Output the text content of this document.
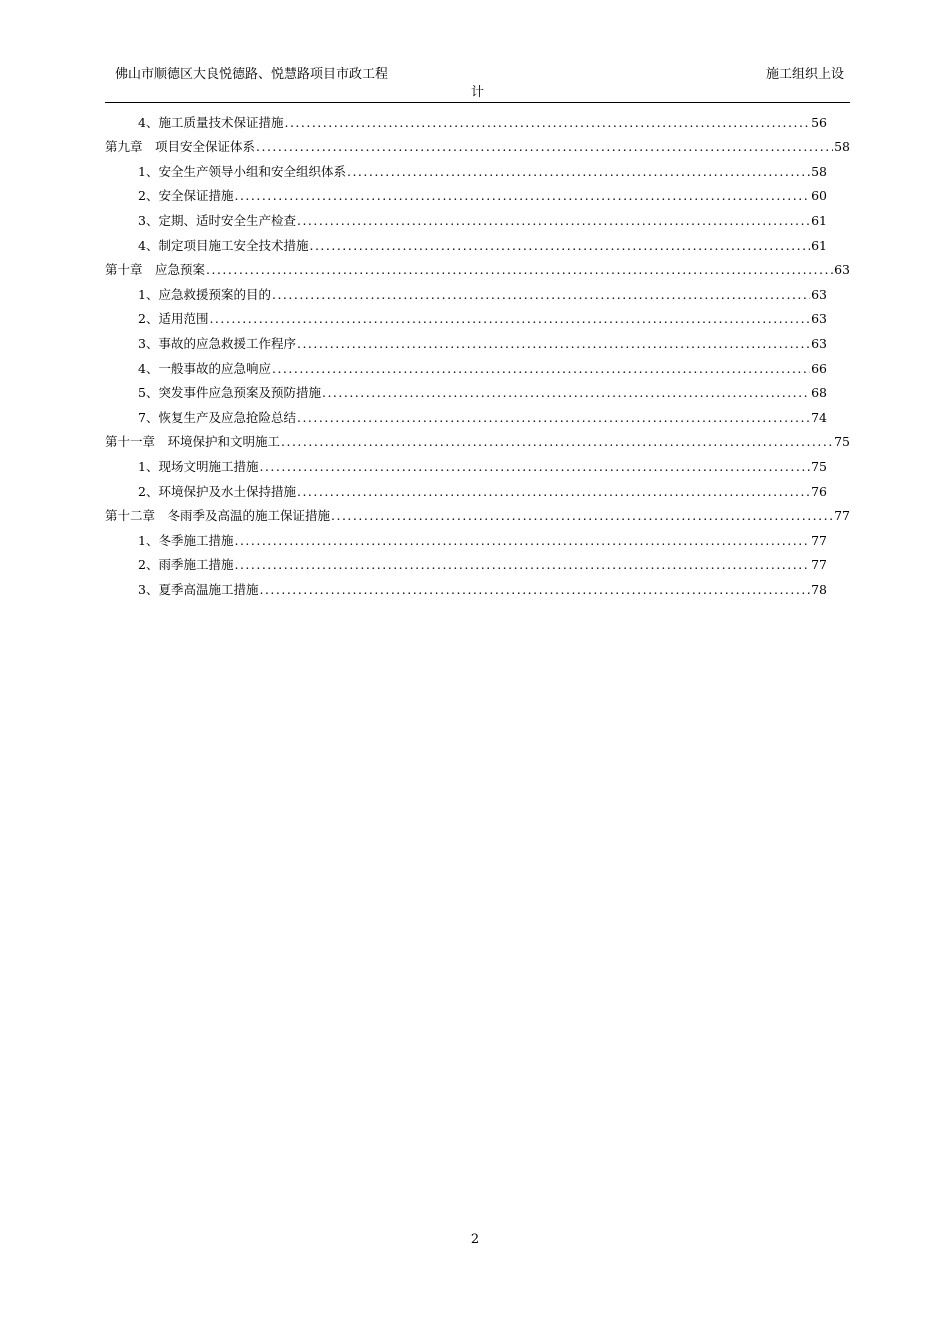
佛山市顺德区大良悦德路、悦慧路项目市政工程	施工组织上设
计
4、施工质量技术保证措施 .....	56
第九章　项目安全保证体系 .....	58
1、安全生产领导小组和安全组织体系 .....	58
2、安全保证措施 .....	60
3、定期、适时安全生产检查 .....	61
4、制定项目施工安全技术措施 .....	61
第十章　应急预案 .....	63
1、应急救援预案的目的 .....	63
2、适用范围 .....	63
3、事故的应急救援工作程序 .....	63
4、一般事故的应急响应 .....	66
5、突发事件应急预案及预防措施 .....	68
7、恢复生产及应急抢险总结 .....	74
第十一章　环境保护和文明施工 .....	75
1、现场文明施工措施 .....	75
2、环境保护及水土保持措施 .....	76
第十二章　冬雨季及高温的施工保证措施 .....	77
1、冬季施工措施 .....	77
2、雨季施工措施 .....	77
3、夏季高温施工措施 .....	78
2
